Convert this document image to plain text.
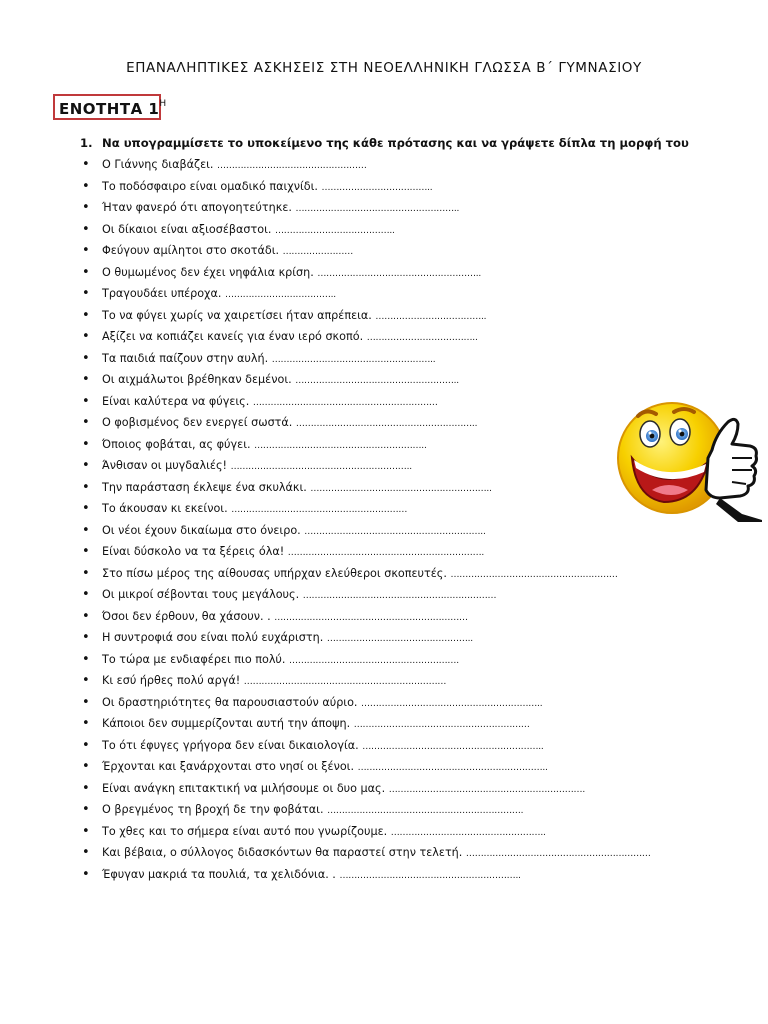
ΕΠΑΝΑΛΗΠΤΙΚΕΣ ΑΣΚΗΣΕΙΣ ΣΤΗ ΝΕΟΕΛΛΗΝΙΚΗ ΓΛΩΣΣΑ Β΄ ΓΥΜΝΑΣΙΟΥ
ΕΝΟΤΗΤΑ $1^H$
1. Να υπογραμμίσετε το υποκείμενο της κάθε πρότασης και να γράψετε δίπλα τη μορφή του
• Ο Γιάννης διαβάζει. ……………………………………………
• Το ποδόσφαιρο είναι ομαδικό παιχνίδι. ………………………………..
• Ήταν φανερό ότι απογοητεύτηκε. ………………………………………………..
• Οι δίκαιοι είναι αξιοσέβαστοι. …………………………………..
• Φεύγουν αμίλητοι στο σκοτάδι. ……………………
• Ο θυμωμένος δεν έχει νηφάλια κρίση. ………………………………………………..
• Τραγουδάει υπέροχα. ………………………………..
• Το να φύγει χωρίς να χαιρετίσει ήταν απρέπεια. ………………………………..
• Αξίζει να κοπιάζει κανείς για έναν ιερό σκοπό. ………………………………..
• Τα παιδιά παίζουν στην αυλή. ………………………………………………..
• Οι αιχμάλωτοι βρέθηκαν δεμένοι. ………………………………………………..
• Είναι καλύτερα να φύγεις. ………………………………………………………
• Ο φοβισμένος δεν ενεργεί σωστά. ……………………………………………………..
• Όποιος φοβάται, ας φύγει. …………………………………………………..
• Άνθισαν οι μυγδαλιές! ……………………………………………………..
• Την παράσταση έκλεψε ένα σκυλάκι. ……………………………………………………..
• Το άκουσαν κι εκείνοι. ……………………………………………………
• Οι νέοι έχουν δικαίωμα στο όνειρο. ……………………………………………………..
• Είναι δύσκολο να τα ξέρεις όλα! ………………………………………………………….
• Στο πίσω μέρος της αίθουσας υπήρχαν ελεύθεροι σκοπευτές. …………………………………………………
• Οι μικροί σέβονται τους μεγάλους. …………………………………………………………
• Όσοι δεν έρθουν, θα χάσουν. . …………………………………………………………
• Η συντροφιά σου είναι πολύ ευχάριστη. …………………………………………..
• Το τώρα με ενδιαφέρει πιο πολύ. ………………………………………………….
• Κι εσύ ήρθες πολύ αργά! ……………………………………………………………
• Οι δραστηριότητες θα παρουσιαστούν αύριο. ……………………………………………………..
• Κάποιοι δεν συμμερίζονται αυτή την άποψη. ……………………………………………………
• Το ότι έφυγες γρήγορα δεν είναι δικαιολογία. ……………………………………………………..
• Έρχονται και ξανάρχονται στο νησί οι ξένοι. ………………………………………………………..
• Είναι ανάγκη επιτακτική να μιλήσουμε οι δυο μας. ………………………………………………………….
• Ο βρεγμένος τη βροχή δε την φοβάται. ………………………………………………………….
• Το χθες και το σήμερα είναι αυτό που γνωρίζουμε. ……………………………………………..
• Και βέβαια, ο σύλλογος διδασκόντων θα παραστεί στην τελετή. ………………………………………………………
• Έφυγαν μακριά τα πουλιά, τα χελιδόνια. . ……………………………………………………..
